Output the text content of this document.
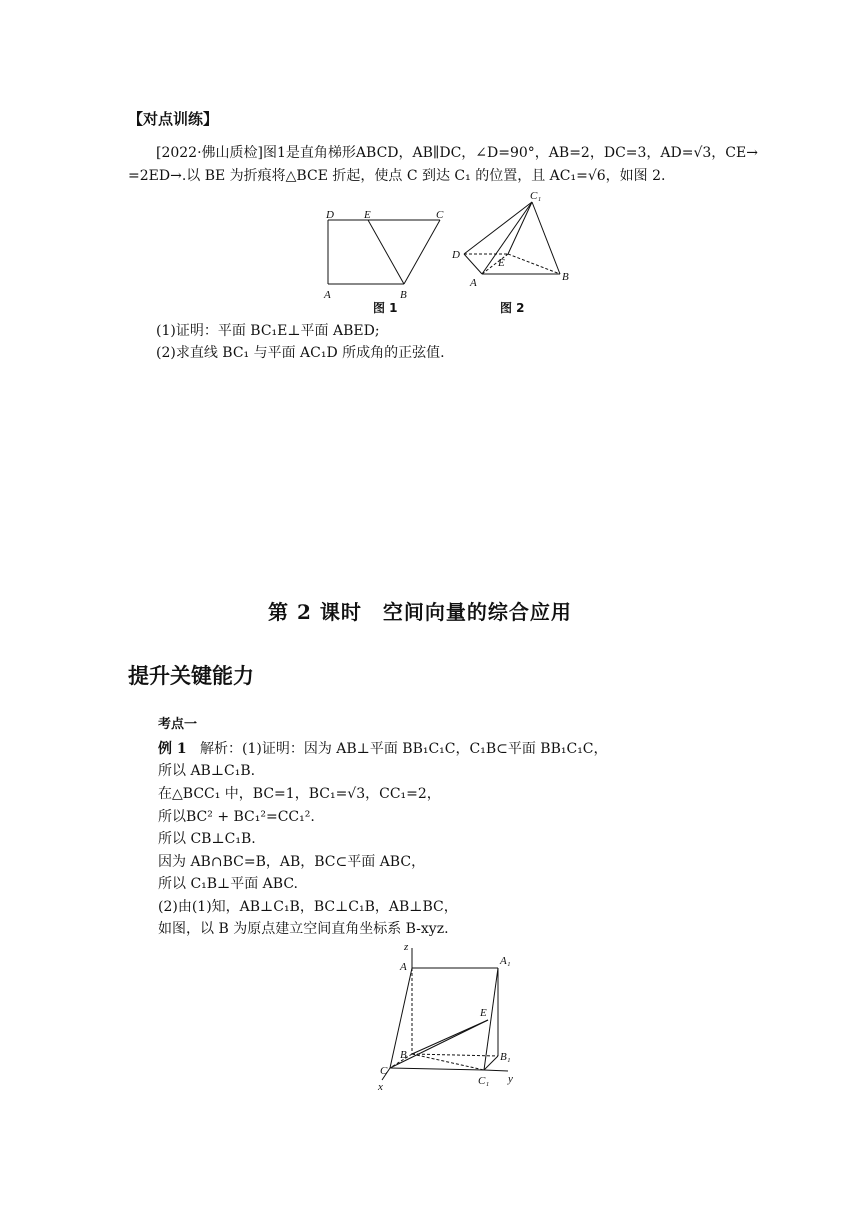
【对点训练】
[2022·佛山质检]图1是直角梯形ABCD，AB∥DC，∠D=90°，AB=2，DC=3，AD=√3，CE→
=2ED→.以 BE 为折痕将△BCE 折起，使点 C 到达 C₁ 的位置，且 AC₁=√6，如图 2.
D	E	C
A	B
图 1
C₁
D
E
A	B
图 2
(1)证明：平面 BC₁E⊥平面 ABED;
(2)求直线 BC₁ 与平面 AC₁D 所成角的正弦值.
第 2 课时　空间向量的综合应用
提升关键能力
考点一
例 1 解析：(1)证明：因为 AB⊥平面 BB₁C₁C，C₁B⊂平面 BB₁C₁C，
所以 AB⊥C₁B.
在△BCC₁ 中，BC=1，BC₁=√3，CC₁=2，
所以BC² + BC₁²=CC₁².
所以 CB⊥C₁B.
因为 AB∩BC=B，AB，BC⊂平面 ABC，
所以 C₁B⊥平面 ABC.
(2)由(1)知，AB⊥C₁B，BC⊥C₁B，AB⊥BC，
如图，以 B 为原点建立空间直角坐标系 B-xyz.
z
A	A₁
E
B	B₁
C
C₁
x
y
